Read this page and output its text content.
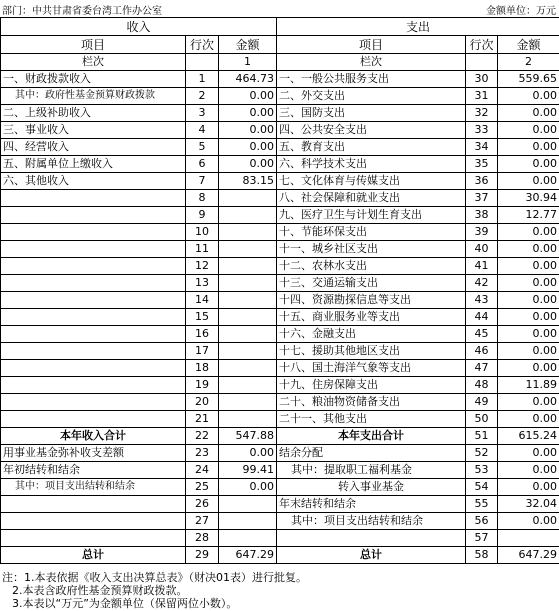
部门：中共甘肃省委台湾工作办公室	金额单位：万元
收入			支出		
项目	行次	金额	项目	行次	金额
栏次		1	栏次		2
一、财政拨款收入	1	464.73	一、一般公共服务支出	30	559.65
其中：政府性基金预算财政拨款	2	0.00	二、外交支出	31	0.00
二、上级补助收入	3	0.00	三、国防支出	32	0.00
三、事业收入	4	0.00	四、公共安全支出	33	0.00
四、经营收入	5	0.00	五、教育支出	34	0.00
五、附属单位上缴收入	6	0.00	六、科学技术支出	35	0.00
六、其他收入	7	83.15	七、文化体育与传媒支出	36	0.00
	8		八、社会保障和就业支出	37	30.94
	9		九、医疗卫生与计划生育支出	38	12.77
	10		十、节能环保支出	39	0.00
	11		十一、城乡社区支出	40	0.00
	12		十二、农林水支出	41	0.00
	13		十三、交通运输支出	42	0.00
	14		十四、资源勘探信息等支出	43	0.00
	15		十五、商业服务业等支出	44	0.00
	16		十六、金融支出	45	0.00
	17		十七、援助其他地区支出	46	0.00
	18		十八、国土海洋气象等支出	47	0.00
	19		十九、住房保障支出	48	11.89
	20		二十、粮油物资储备支出	49	0.00
	21		二十一、其他支出	50	0.00
本年收入合计	22	547.88	本年支出合计	51	615.24
用事业基金弥补收支差额	23	0.00	结余分配	52	0.00
年初结转和结余	24	99.41	其中：提取职工福利基金	53	0.00
其中：项目支出结转和结余	25	0.00	转入事业基金	54	0.00
	26		年末结转和结余	55	32.04
	27		其中：项目支出结转和结余	56	0.00
	28			57	
总计	29	647.29	总计	58	647.29
注：1.本表依据《收入支出决算总表》（财决01表）进行批复。
2.本表含政府性基金预算财政拨款。
3.本表以“万元”为金额单位（保留两位小数）。
